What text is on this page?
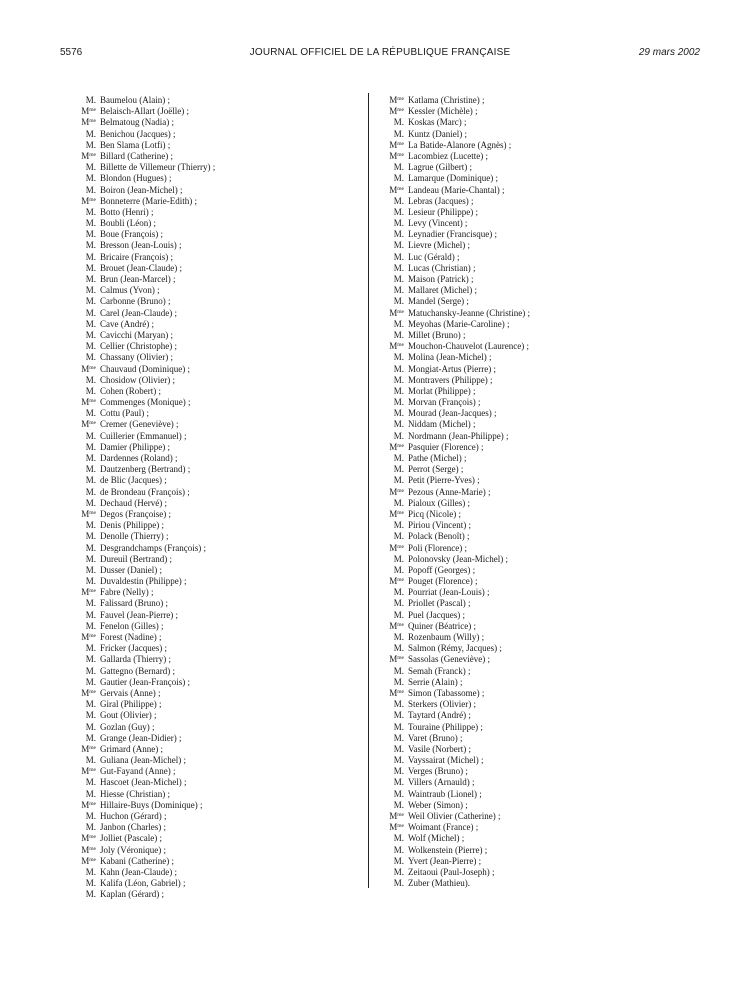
5576	JOURNAL OFFICIEL DE LA RÉPUBLIQUE FRANÇAISE	29 mars 2002
M. Baumelou (Alain) ;
$M^{me}$ Belaisch-Allart (Joëlle) ;
$M^{me}$ Belmatoug (Nadia) ;
M. Benichou (Jacques) ;
M. Ben Slama (Lotfi) ;
$M^{me}$ Billard (Catherine) ;
M. Billette de Villemeur (Thierry) ;
M. Blondon (Hugues) ;
M. Boiron (Jean-Michel) ;
$M^{me}$ Bonneterre (Marie-Edith) ;
M. Botto (Henri) ;
M. Boubli (Léon) ;
M. Boue (François) ;
M. Bresson (Jean-Louis) ;
M. Bricaire (François) ;
M. Brouet (Jean-Claude) ;
M. Brun (Jean-Marcel) ;
M. Calmus (Yvon) ;
M. Carbonne (Bruno) ;
M. Carel (Jean-Claude) ;
M. Cave (André) ;
M. Cavicchi (Maryan) ;
M. Cellier (Christophe) ;
M. Chassany (Olivier) ;
$M^{me}$ Chauvaud (Dominique) ;
M. Chosidow (Olivier) ;
M. Cohen (Robert) ;
$M^{me}$ Commenges (Monique) ;
M. Cottu (Paul) ;
$M^{me}$ Cremer (Geneviève) ;
M. Cuillerier (Emmanuel) ;
M. Damier (Philippe) ;
M. Dardennes (Roland) ;
M. Dautzenberg (Bertrand) ;
M. de Blic (Jacques) ;
M. de Brondeau (François) ;
M. Dechaud (Hervé) ;
$M^{me}$ Degos (Françoise) ;
M. Denis (Philippe) ;
M. Denolle (Thierry) ;
M. Desgrandchamps (François) ;
M. Dureuil (Bertrand) ;
M. Dusser (Daniel) ;
M. Duvaldestin (Philippe) ;
$M^{me}$ Fabre (Nelly) ;
M. Falissard (Bruno) ;
M. Fauvel (Jean-Pierre) ;
M. Fenelon (Gilles) ;
$M^{me}$ Forest (Nadine) ;
M. Fricker (Jacques) ;
M. Gallarda (Thierry) ;
M. Gattegno (Bernard) ;
M. Gautier (Jean-François) ;
$M^{me}$ Gervais (Anne) ;
M. Giral (Philippe) ;
M. Gout (Olivier) ;
M. Gozlan (Guy) ;
M. Grange (Jean-Didier) ;
$M^{me}$ Grimard (Anne) ;
M. Guliana (Jean-Michel) ;
$M^{me}$ Gut-Fayand (Anne) ;
M. Hascoet (Jean-Michel) ;
M. Hiesse (Christian) ;
$M^{me}$ Hillaire-Buys (Dominique) ;
M. Huchon (Gérard) ;
M. Janbon (Charles) ;
$M^{me}$ Jolliet (Pascale) ;
$M^{me}$ Joly (Véronique) ;
$M^{me}$ Kabani (Catherine) ;
M. Kahn (Jean-Claude) ;
M. Kalifa (Léon, Gabriel) ;
M. Kaplan (Gérard) ;
$M^{me}$ Katlama (Christine) ;
$M^{me}$ Kessler (Michèle) ;
M. Koskas (Marc) ;
M. Kuntz (Daniel) ;
$M^{me}$ La Batide-Alanore (Agnès) ;
$M^{me}$ Lacombiez (Lucette) ;
M. Lagrue (Gilbert) ;
M. Lamarque (Dominique) ;
$M^{me}$ Landeau (Marie-Chantal) ;
M. Lebras (Jacques) ;
M. Lesieur (Philippe) ;
M. Levy (Vincent) ;
M. Leynadier (Francisque) ;
M. Lievre (Michel) ;
M. Luc (Gérald) ;
M. Lucas (Christian) ;
M. Maison (Patrick) ;
M. Mallaret (Michel) ;
M. Mandel (Serge) ;
$M^{me}$ Matuchansky-Jeanne (Christine) ;
M. Meyohas (Marie-Caroline) ;
M. Millet (Bruno) ;
$M^{me}$ Mouchon-Chauvelot (Laurence) ;
M. Molina (Jean-Michel) ;
M. Mongiat-Artus (Pierre) ;
M. Montravers (Philippe) ;
M. Morlat (Philippe) ;
M. Morvan (François) ;
M. Mourad (Jean-Jacques) ;
M. Niddam (Michel) ;
M. Nordmann (Jean-Philippe) ;
$M^{me}$ Pasquier (Florence) ;
M. Pathe (Michel) ;
M. Perrot (Serge) ;
M. Petit (Pierre-Yves) ;
$M^{me}$ Pezous (Anne-Marie) ;
M. Pialoux (Gilles) ;
$M^{me}$ Picq (Nicole) ;
M. Piriou (Vincent) ;
M. Polack (Benoît) ;
$M^{me}$ Poli (Florence) ;
M. Polonovsky (Jean-Michel) ;
M. Popoff (Georges) ;
$M^{me}$ Pouget (Florence) ;
M. Pourriat (Jean-Louis) ;
M. Priollet (Pascal) ;
M. Puel (Jacques) ;
$M^{me}$ Quiner (Béatrice) ;
M. Rozenbaum (Willy) ;
M. Salmon (Rémy, Jacques) ;
$M^{me}$ Sassolas (Geneviève) ;
M. Semah (Franck) ;
M. Serrie (Alain) ;
$M^{me}$ Simon (Tabassome) ;
M. Sterkers (Olivier) ;
M. Taytard (André) ;
M. Touraine (Philippe) ;
M. Varet (Bruno) ;
M. Vasile (Norbert) ;
M. Vayssairat (Michel) ;
M. Verges (Bruno) ;
M. Villers (Arnauld) ;
M. Waintraub (Lionel) ;
M. Weber (Simon) ;
$M^{me}$ Weil Olivier (Catherine) ;
$M^{me}$ Woimant (France) ;
M. Wolf (Michel) ;
M. Wolkenstein (Pierre) ;
M. Yvert (Jean-Pierre) ;
M. Zeitaoui (Paul-Joseph) ;
M. Zuber (Mathieu).
